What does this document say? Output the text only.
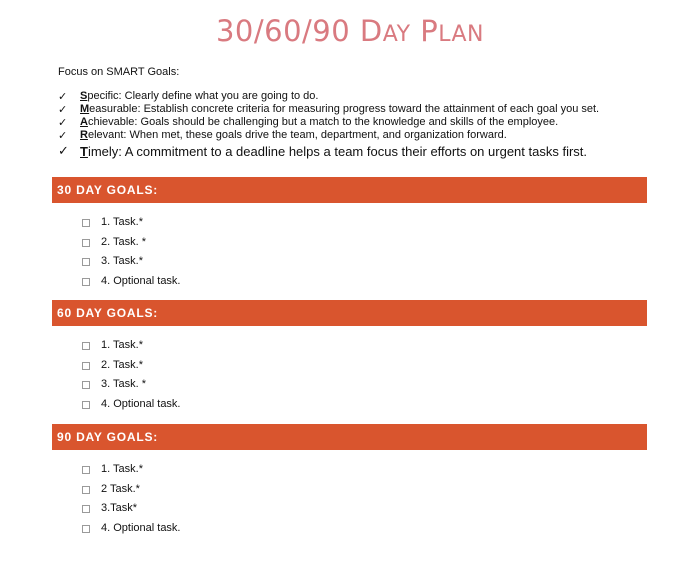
30/60/90 DAY PLAN
Focus on SMART Goals:
✓ Specific: Clearly define what you are going to do.
✓ Measurable: Establish concrete criteria for measuring progress toward the attainment of each goal you set.
✓ Achievable: Goals should be challenging but a match to the knowledge and skills of the employee.
✓ Relevant: When met, these goals drive the team, department, and organization forward.
✓ Timely: A commitment to a deadline helps a team focus their efforts on urgent tasks first.
30 DAY GOALS:
1. Task.*
2. Task. *
3. Task.*
4. Optional task.
60 DAY GOALS:
1. Task.*
2. Task.*
3. Task. *
4. Optional task.
90 DAY GOALS:
1. Task.*
2 Task.*
3.Task*
4. Optional task.
